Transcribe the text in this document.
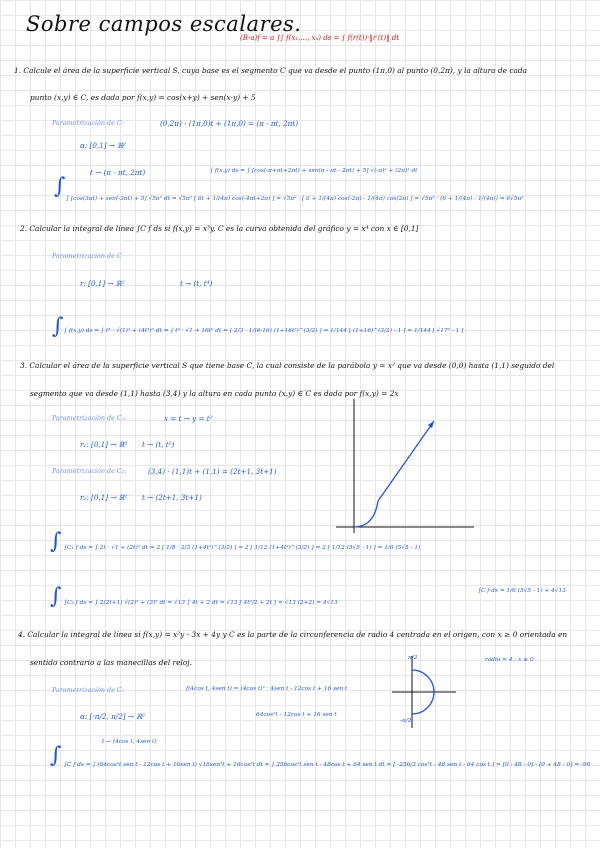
Sobre campos escalares.
(B-a)f = a ∫∫ f(x₁,..., xₙ) ds = ∫ f(r(t))·‖r′(t)‖ dt
1. Calcule el área de la superficie vertical S, cuya base es el segmento C que va desde el punto (1π,0) al punto (0,2π), y la altura de cada
punto (x,y) ∈ C, es dada por f(x,y) = cos(x+y) + sen(x-y) + 5
Parametrización de C:	(0,2π) - (1π,0)t + (1π,0) = (π - πt, 2πt)
α: [0,1] → ℝ²
t → (π - πt, 2πt)	∫ f(x,y) ds = ∫ [cos(-π+πt+2πt) + sen(π - πt - 2πt) + 5] √(-π)² + (2π)² dt
∫ ∫ [cos(3πt) + sen(-3πt) + 5] √5π² dt = √5π² [ 6t + 1/(4π) cos(-4πt+2π) ] = √5π² · [ 6 + 1/(4π) cos(-2π) - 1/(4π) cos(2π) ] = √5π² · (6 + 1/(4π) - 1/(4π)) = 6√5π²
2. Calcular la integral de línea ∫C f ds si f(x,y) = x³y, C es la curva obtenida del gráfico y = x⁴ con x ∈ [0,1]
Parametrización de C
r: [0,1] → ℝ²	t → (t, t⁴)
∫ ∫ f(x,y) ds = ∫ t³ · √(1)² + (4t³)² dt = ∫ t³ · √1 + 16t⁶ dt = [ 2/3 · 1/(6·16) (1+16t⁶)^(3/2) ] = 1/144 [ (1+16)^(3/2) - 1 ] = 1/144 [ √17³ - 1 ]
3. Calcular el área de la superficie vertical S que tiene base C, la cual consiste de la parábola y = x² que va desde (0,0) hasta (1,1) seguido del
segmento que va desde (1,1) hasta (3,4) y la altura en cada punto (x,y) ∈ C es dada por f(x,y) = 2x
Parametrización de C₁:	x = t → y = t²
r₁: [0,1] → ℝ² t → (t, t²)
Parametrización de C₂:	(3,4) - (1,1)t + (1,1) = (2t+1, 3t+1)
r₂: [0,1] → ℝ² t → (2t+1, 3t+1)
∫ ∫C₁ f ds = ∫ 2t · √1 + (2t)² dt = 2 [ 1/8 · 2/3 (1+4t²)^(3/2) ] = 2 [ 1/12 (1+4t²)^(3/2) ] = 2 [ 1/12 (5√5 - 1) ] = 1/6 (5√5 - 1)
∫C f ds = 1/6 (5√5 - 1) + 4√13
∫ ∫C₂ f ds = ∫ 2(2t+1) √(2)² + (3)² dt = √13 ∫ 4t + 2 dt = √13 [ 4t²/2 + 2t ] = √13 (2+2) = 4√13
4. Calcular la integral de línea si f(x,y) = x²y - 3x + 4y y C es la parte de la circunferencia de radio 4 centrada en el origen, con x ≥ 0 orientada en
sentido contrario a las manecillas del reloj.	radio = 4 ; x ≥ 0
π/2
-π/2
Parametrización de C:	f(4cos t, 4sen t) = (4cos t)² · 4sen t - 12cos t + 16 sen t
α: [-π/2, π/2] → ℝ²	64cos²t - 12cos t + 16 sen t
t → (4cos t, 4sen t)
∫ ∫C f ds = ∫ (64cos²t sen t - 12cos t + 16sen t) √16sen²t + 16cos²t dt = ∫ 256cos²t sen t - 48cos t + 64 sen t dt = [ -256/3 cos³t - 48 sen t - 64 cos t ] = [0 - 48 - 0] - [0 + 48 - 0] = -96
